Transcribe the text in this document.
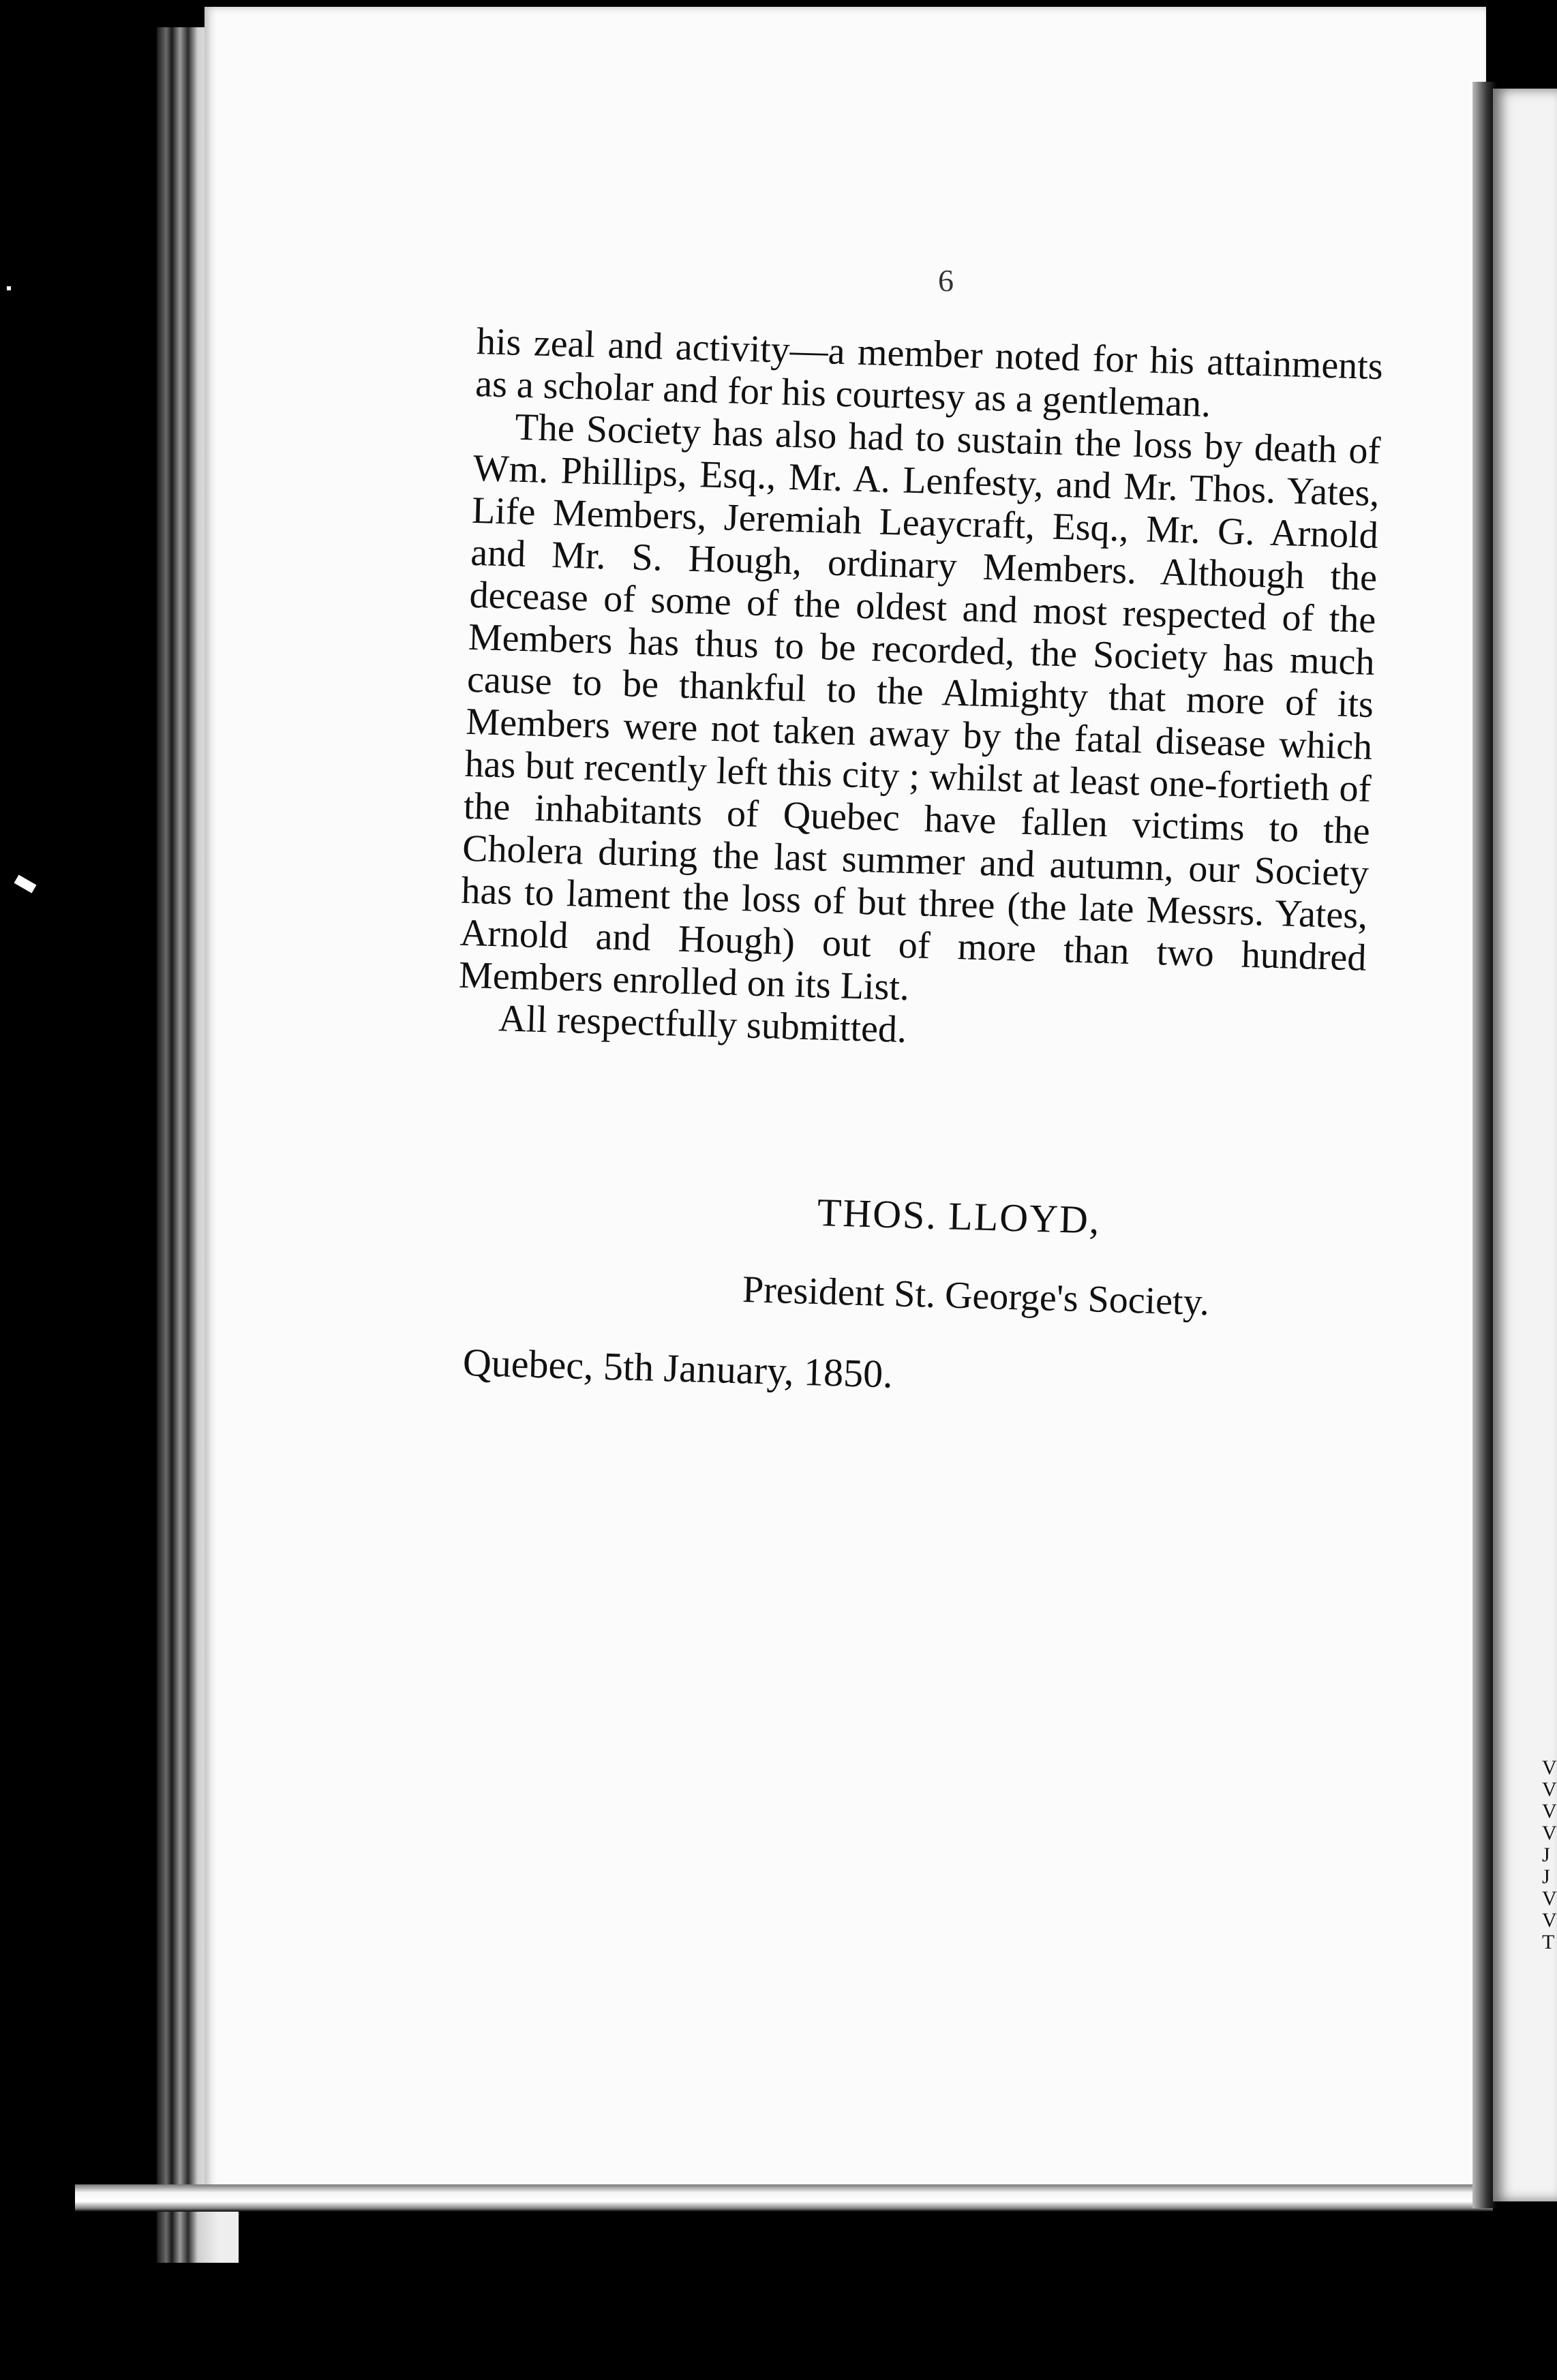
V
V
V
V
J
J
V
V
T
6

his zeal and activity—a member noted for his attainments as a scholar and for his courtesy as a gentleman.

The Society has also had to sustain the loss by death of Wm. Phillips, Esq., Mr. A. Lenfesty, and Mr. Thos. Yates, Life Members, Jeremiah Leaycraft, Esq., Mr. G. Arnold and Mr. S. Hough, ordinary Members. Although the decease of some of the oldest and most respected of the Members has thus to be recorded, the Society has much cause to be thankful to the Almighty that more of its Members were not taken away by the fatal disease which has but recently left this city ; whilst at least one-fortieth of the inhabitants of Quebec have fallen victims to the Cholera during the last summer and autumn, our Society has to lament the loss of but three (the late Messrs. Yates, Arnold and Hough) out of more than two hundred Members enrolled on its List.

All respectfully submitted.

THOS. LLOYD,
President St. George's Society.
Quebec, 5th January, 1850.
